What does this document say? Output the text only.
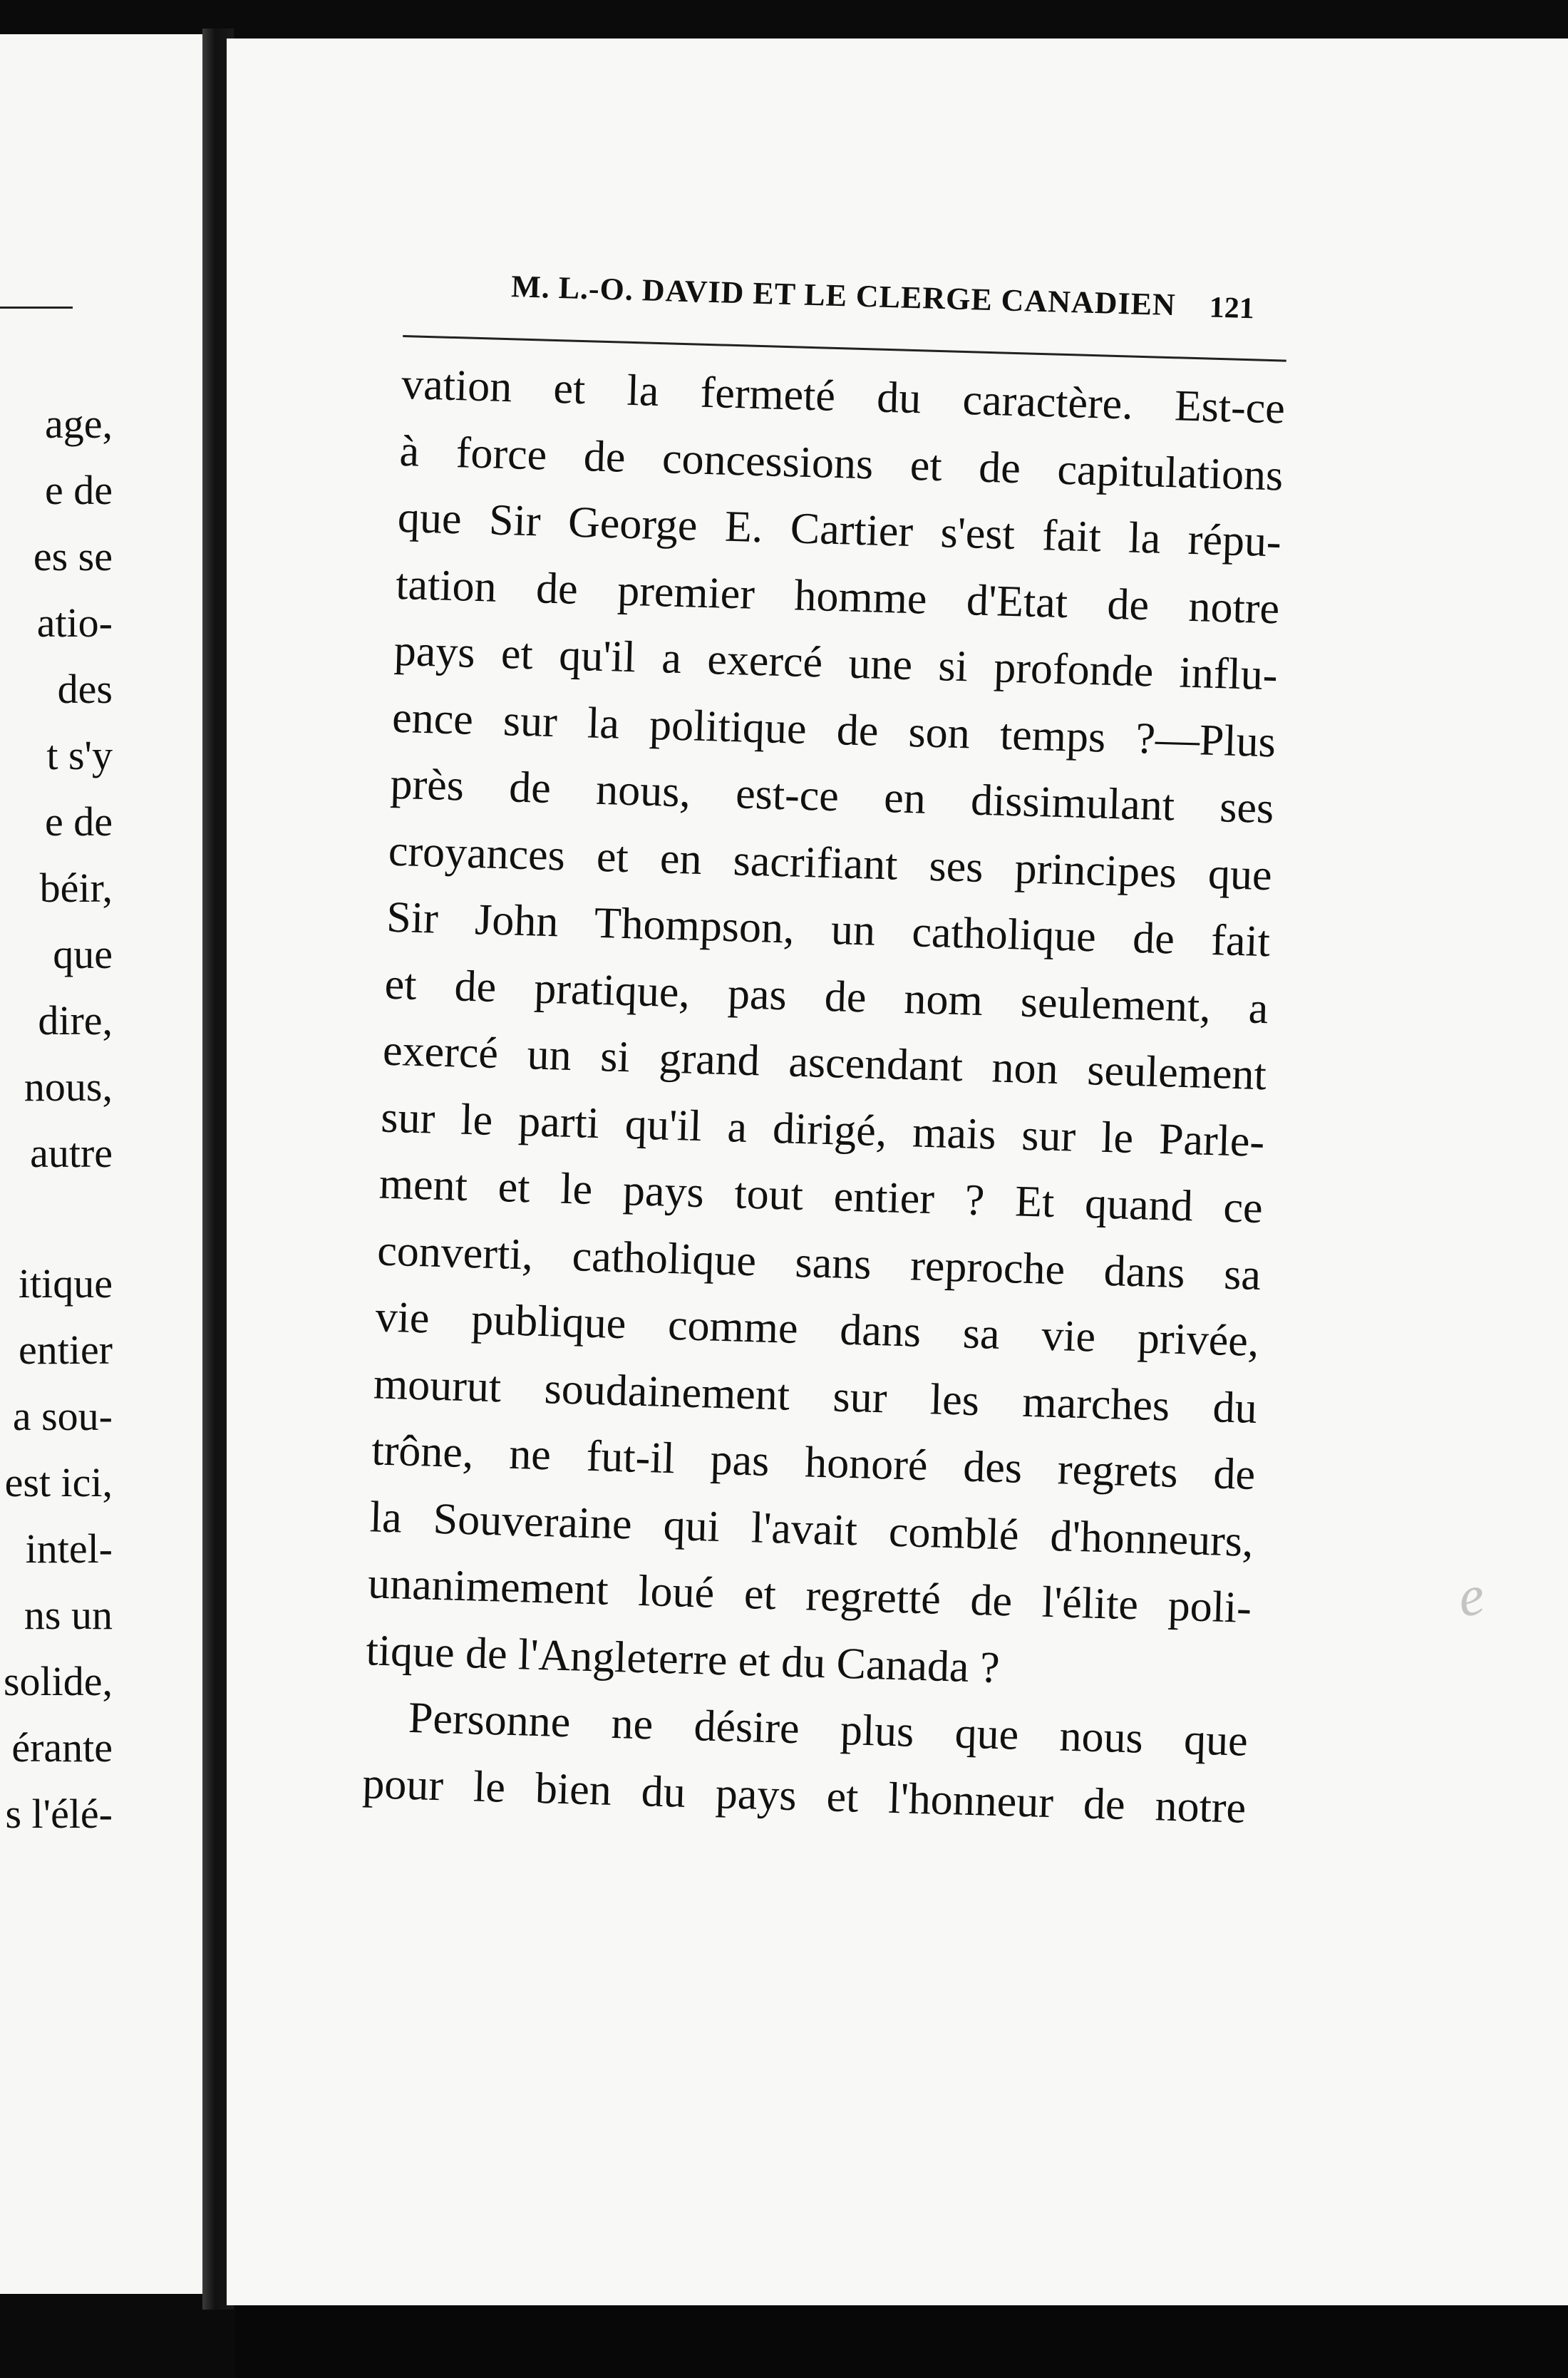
age,
e de
es se
atio-
des
t s'y
e de
béir,
que
dire,
nous,
autre
itique
entier
a sou-
est ici,
intel-
ns un
solide,
érante
s l'élé-
M. L.-O. DAVID ET LE CLERGE CANADIEN 121
vation et la fermeté du caractère. Est-ce
à force de concessions et de capitulations
que Sir George E. Cartier s'est fait la répu-
tation de premier homme d'Etat de notre
pays et qu'il a exercé une si profonde influ-
ence sur la politique de son temps ?—Plus
près de nous, est-ce en dissimulant ses
croyances et en sacrifiant ses principes que
Sir John Thompson, un catholique de fait
et de pratique, pas de nom seulement, a
exercé un si grand ascendant non seulement
sur le parti qu'il a dirigé, mais sur le Parle-
ment et le pays tout entier ? Et quand ce
converti, catholique sans reproche dans sa
vie publique comme dans sa vie privée,
mourut soudainement sur les marches du
trône, ne fut-il pas honoré des regrets de
la Souveraine qui l'avait comblé d'honneurs,
unanimement loué et regretté de l'élite poli-
tique de l'Angleterre et du Canada ?
Personne ne désire plus que nous que
pour le bien du pays et l'honneur de notre
e
